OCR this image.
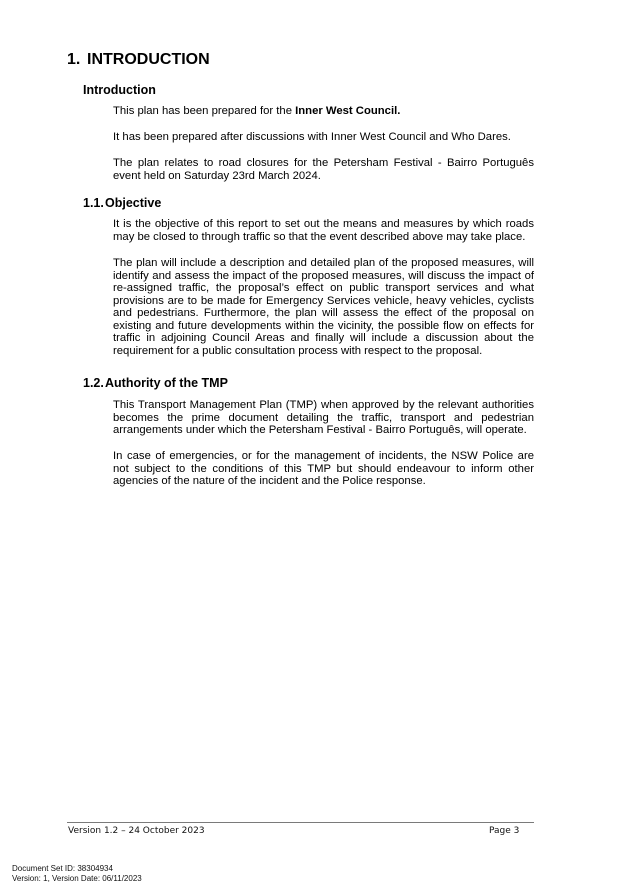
1. INTRODUCTION
Introduction
This plan has been prepared for the Inner West Council.
It has been prepared after discussions with Inner West Council and Who Dares.
The plan relates to road closures for the Petersham Festival - Bairro Português event held on Saturday 23rd March 2024.
1.1.Objective
It is the objective of this report to set out the means and measures by which roads may be closed to through traffic so that the event described above may take place.
The plan will include a description and detailed plan of the proposed measures, will identify and assess the impact of the proposed measures, will discuss the impact of re-assigned traffic, the proposal’s effect on public transport services and what provisions are to be made for Emergency Services vehicle, heavy vehicles, cyclists and pedestrians. Furthermore, the plan will assess the effect of the proposal on existing and future developments within the vicinity, the possible flow on effects for traffic in adjoining Council Areas and finally will include a discussion about the requirement for a public consultation process with respect to the proposal.
1.2.Authority of the TMP
This Transport Management Plan (TMP) when approved by the relevant authorities becomes the prime document detailing the traffic, transport and pedestrian arrangements under which the Petersham Festival - Bairro Português, will operate.
In case of emergencies, or for the management of incidents, the NSW Police are not subject to the conditions of this TMP but should endeavour to inform other agencies of the nature of the incident and the Police response.
Version 1.2 – 24 October 2023	Page 3
Document Set ID: 38304934
Version: 1, Version Date: 06/11/2023
